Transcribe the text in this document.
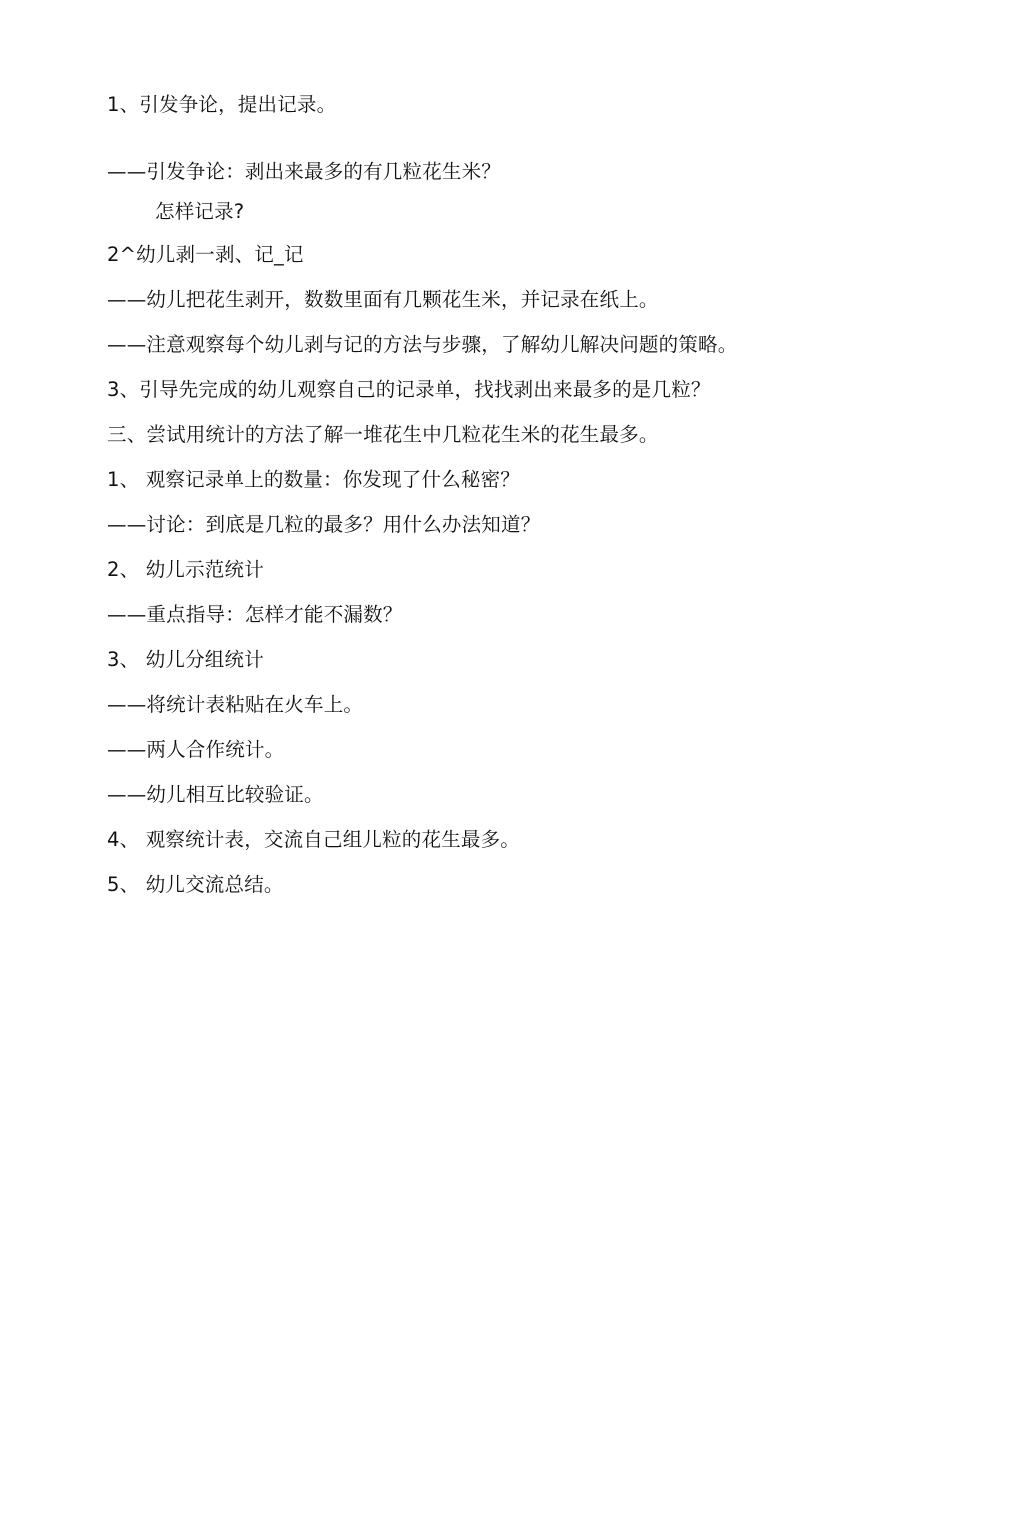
1、引发争论，提出记录。
——引发争论：剥出来最多的有几粒花生米？
怎样记录?
2^幼儿剥一剥、记_记
——幼儿把花生剥开，数数里面有几颗花生米，并记录在纸上。
——注意观察每个幼儿剥与记的方法与步骤，了解幼儿解决问题的策略。
3、引导先完成的幼儿观察自己的记录单，找找剥出来最多的是几粒？
三、尝试用统计的方法了解一堆花生中几粒花生米的花生最多。
1、 观察记录单上的数量：你发现了什么秘密？
——讨论：到底是几粒的最多？用什么办法知道？
2、 幼儿示范统计
——重点指导：怎样才能不漏数？
3、 幼儿分组统计
——将统计表粘贴在火车上。
——两人合作统计。
——幼儿相互比较验证。
4、 观察统计表，交流自己组儿粒的花生最多。
5、 幼儿交流总结。
